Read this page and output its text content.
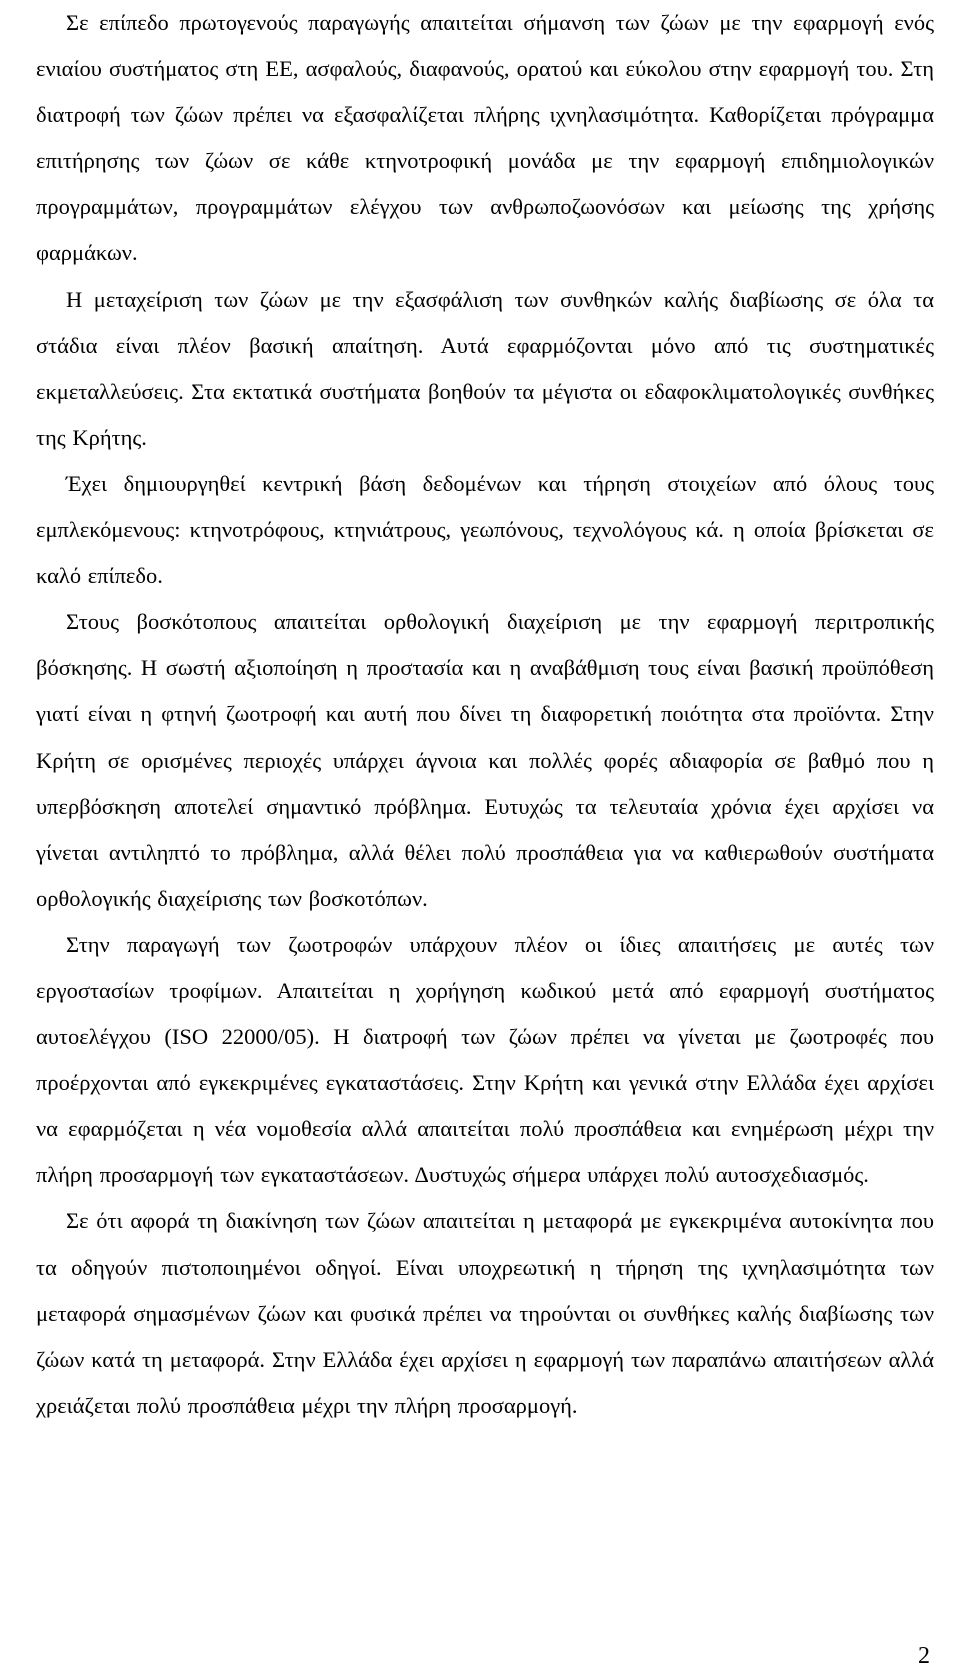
Σε επίπεδο πρωτογενούς παραγωγής απαιτείται σήμανση των ζώων με την εφαρμογή ενός ενιαίου συστήματος στη ΕΕ, ασφαλούς, διαφανούς, ορατού και εύκολου στην εφαρμογή του. Στη διατροφή των ζώων πρέπει να εξασφαλίζεται πλήρης ιχνηλασιμότητα. Καθορίζεται πρόγραμμα επιτήρησης των ζώων σε κάθε κτηνοτροφική μονάδα με την εφαρμογή επιδημιολογικών προγραμμάτων, προγραμμάτων ελέγχου των ανθρωποζωονόσων και μείωσης της χρήσης φαρμάκων.

Η μεταχείριση των ζώων με την εξασφάλιση των συνθηκών καλής διαβίωσης σε όλα τα στάδια είναι πλέον βασική απαίτηση. Αυτά εφαρμόζονται μόνο από τις συστηματικές εκμεταλλεύσεις. Στα εκτατικά συστήματα βοηθούν τα μέγιστα οι εδαφοκλιματολογικές συνθήκες της Κρήτης.

Έχει δημιουργηθεί κεντρική βάση δεδομένων και τήρηση στοιχείων από όλους τους εμπλεκόμενους: κτηνοτρόφους, κτηνιάτρους, γεωπόνους, τεχνολόγους κά. η οποία βρίσκεται σε καλό επίπεδο.

Στους βοσκότοπους απαιτείται ορθολογική διαχείριση με την εφαρμογή περιτροπικής βόσκησης. Η σωστή αξιοποίηση η προστασία και η αναβάθμιση τους είναι βασική προϋπόθεση γιατί είναι η φτηνή ζωοτροφή και αυτή που δίνει τη διαφορετική ποιότητα στα προϊόντα. Στην Κρήτη σε ορισμένες περιοχές υπάρχει άγνοια και πολλές φορές αδιαφορία σε βαθμό που η υπερβόσκηση αποτελεί σημαντικό πρόβλημα. Ευτυχώς τα τελευταία χρόνια έχει αρχίσει να γίνεται αντιληπτό το πρόβλημα, αλλά θέλει πολύ προσπάθεια για να καθιερωθούν συστήματα ορθολογικής διαχείρισης των βοσκοτόπων.

Στην παραγωγή των ζωοτροφών υπάρχουν πλέον οι ίδιες απαιτήσεις με αυτές των εργοστασίων τροφίμων. Απαιτείται η χορήγηση κωδικού μετά από εφαρμογή συστήματος αυτοελέγχου (ISO 22000/05). Η διατροφή των ζώων πρέπει να γίνεται με ζωοτροφές που προέρχονται από εγκεκριμένες εγκαταστάσεις. Στην Κρήτη και γενικά στην Ελλάδα έχει αρχίσει να εφαρμόζεται η νέα νομοθεσία αλλά απαιτείται πολύ προσπάθεια και ενημέρωση μέχρι την πλήρη προσαρμογή των εγκαταστάσεων. Δυστυχώς σήμερα υπάρχει πολύ αυτοσχεδιασμός.

Σε ότι αφορά τη διακίνηση των ζώων απαιτείται η μεταφορά με εγκεκριμένα αυτοκίνητα που τα οδηγούν πιστοποιημένοι οδηγοί. Είναι υποχρεωτική η τήρηση της ιχνηλασιμότητα των μεταφορά σημασμένων ζώων και φυσικά πρέπει να τηρούνται οι συνθήκες καλής διαβίωσης των ζώων κατά τη μεταφορά. Στην Ελλάδα έχει αρχίσει η εφαρμογή των παραπάνω απαιτήσεων αλλά χρειάζεται πολύ προσπάθεια μέχρι την πλήρη προσαρμογή.

2
